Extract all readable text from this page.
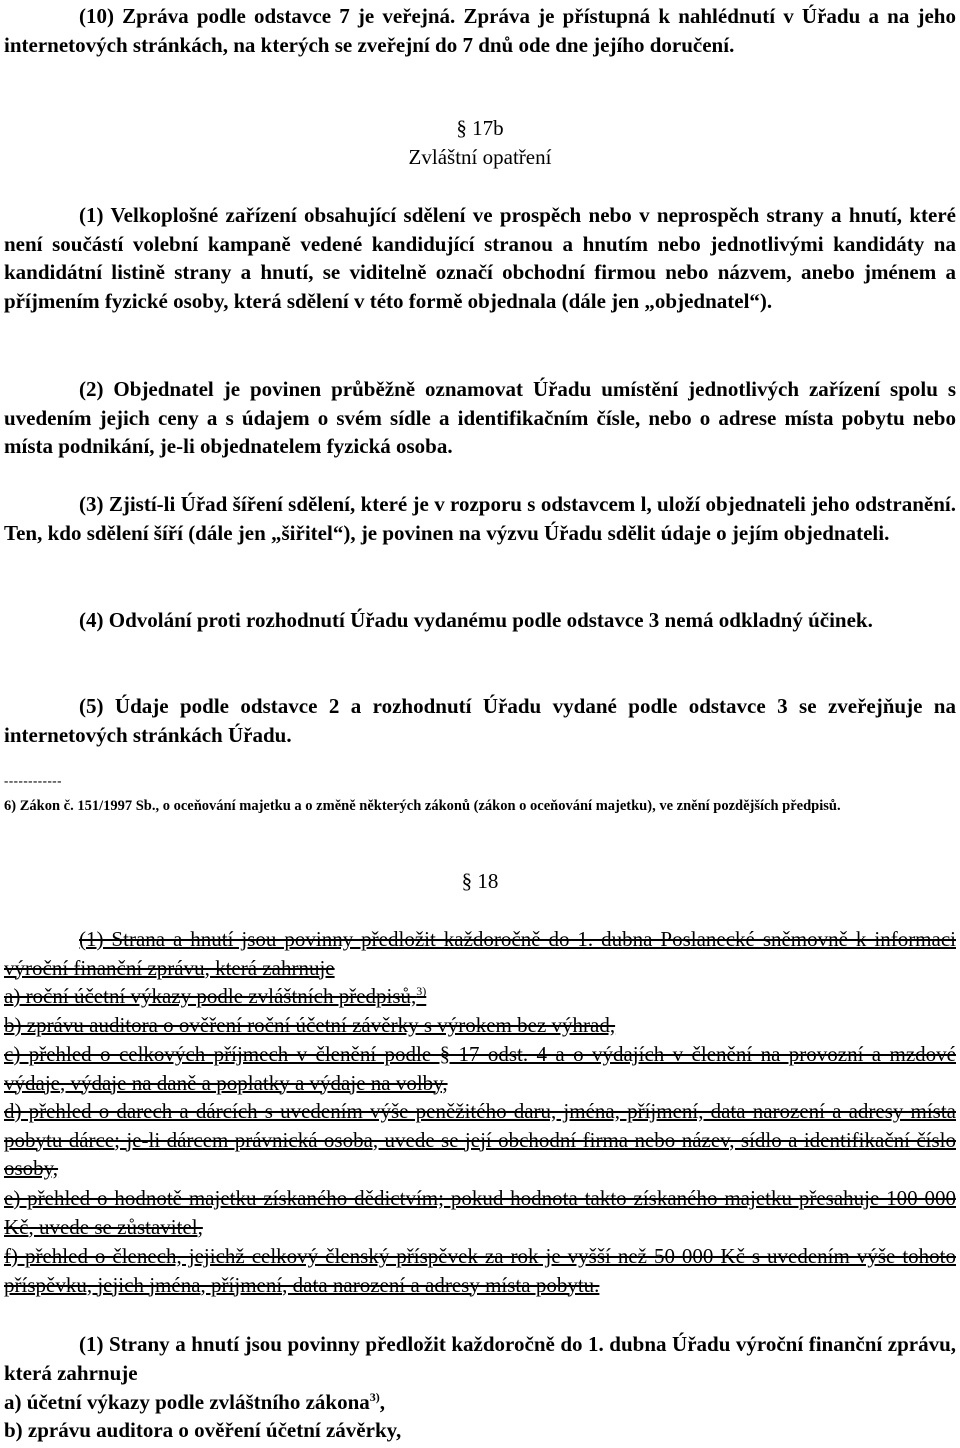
(10) Zpráva podle odstavce 7 je veřejná. Zpráva je přístupná k nahlédnutí v Úřadu a na jeho internetových stránkách, na kterých se zveřejní do 7 dnů ode dne jejího doručení.
§ 17b
Zvláštní opatření
(1) Velkoplošné zařízení obsahující sdělení ve prospěch nebo v neprospěch strany a hnutí, které není součástí volební kampaně vedené kandidující stranou a hnutím nebo jednotlivými kandidáty na kandidátní listině strany a hnutí, se viditelně označí obchodní firmou nebo názvem, anebo jménem a příjmením fyzické osoby, která sdělení v této formě objednala (dále jen „objednatel“).
(2) Objednatel je povinen průběžně oznamovat Úřadu umístění jednotlivých zařízení spolu s uvedením jejich ceny a s údajem o svém sídle a identifikačním čísle, nebo o adrese místa pobytu nebo místa podnikání, je-li objednatelem fyzická osoba.
(3) Zjistí-li Úřad šíření sdělení, které je v rozporu s odstavcem l, uloží objednateli jeho odstranění. Ten, kdo sdělení šíří (dále jen „šiřitel“), je povinen na výzvu Úřadu sdělit údaje o jejím objednateli.
(4) Odvolání proti rozhodnutí Úřadu vydanému podle odstavce 3 nemá odkladný účinek.
(5) Údaje podle odstavce 2 a rozhodnutí Úřadu vydané podle odstavce 3 se zveřejňuje na internetových stránkách Úřadu.
------------
6) Zákon č. 151/1997 Sb., o oceňování majetku a o změně některých zákonů (zákon o oceňování majetku), ve znění pozdějších předpisů.
§ 18
(1) Strana a hnutí jsou povinny předložit každoročně do 1. dubna Poslanecké sněmovně k informaci výroční finanční zprávu, která zahrnuje
a) roční účetní výkazy podle zvláštních předpisů,$^{3)}$
b) zprávu auditora o ověření roční účetní závěrky s výrokem bez výhrad,
c) přehled o celkových příjmech v členění podle § 17 odst. 4 a o výdajích v členění na provozní a mzdové výdaje, výdaje na daně a poplatky a výdaje na volby,
d) přehled o darech a dárcích s uvedením výše peněžitého daru, jména, příjmení, data narození a adresy místa pobytu dárce; je-li dárcem právnická osoba, uvede se její obchodní firma nebo název, sídlo a identifikační číslo osoby,
e) přehled o hodnotě majetku získaného dědictvím; pokud hodnota takto získaného majetku přesahuje 100 000 Kč, uvede se zůstavitel,
f) přehled o členech, jejichž celkový členský příspěvek za rok je vyšší než 50 000 Kč s uvedením výše tohoto příspěvku, jejich jména, příjmení, data narození a adresy místa pobytu.
(1) Strany a hnutí jsou povinny předložit každoročně do 1. dubna Úřadu výroční finanční zprávu, která zahrnuje
a) účetní výkazy podle zvláštního zákona$^{3)}$,
b) zprávu auditora o ověření účetní závěrky,
